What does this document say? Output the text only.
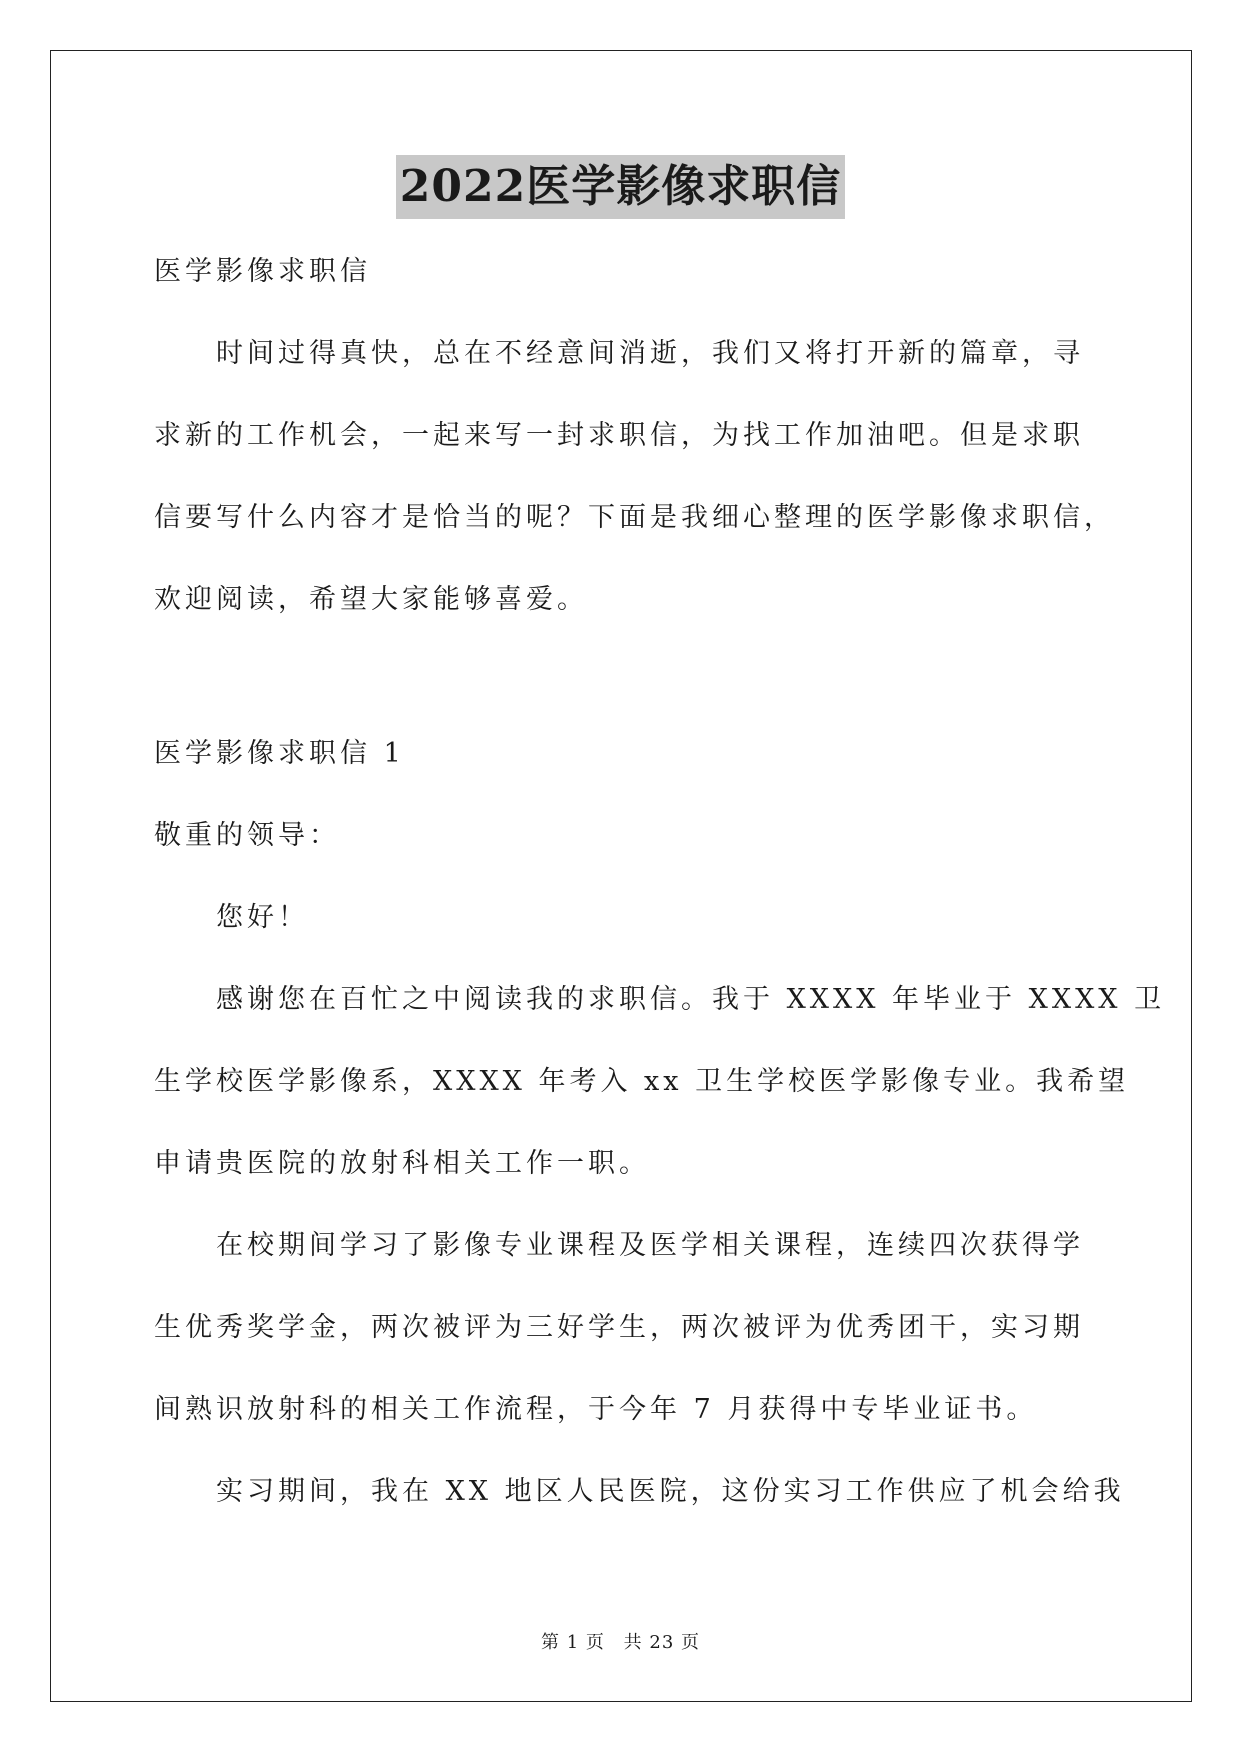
2022医学影像求职信
医学影像求职信
时间过得真快，总在不经意间消逝，我们又将打开新的篇章，寻
求新的工作机会，一起来写一封求职信，为找工作加油吧。但是求职
信要写什么内容才是恰当的呢？下面是我细心整理的医学影像求职信，
欢迎阅读，希望大家能够喜爱。
医学影像求职信 1
敬重的领导：
您好！
感谢您在百忙之中阅读我的求职信。我于 XXXX 年毕业于 XXXX 卫
生学校医学影像系，XXXX 年考入 xx 卫生学校医学影像专业。我希望
申请贵医院的放射科相关工作一职。
在校期间学习了影像专业课程及医学相关课程，连续四次获得学
生优秀奖学金，两次被评为三好学生，两次被评为优秀团干，实习期
间熟识放射科的相关工作流程，于今年 7 月获得中专毕业证书。
实习期间，我在 XX 地区人民医院，这份实习工作供应了机会给我
第 1 页 共 23 页
